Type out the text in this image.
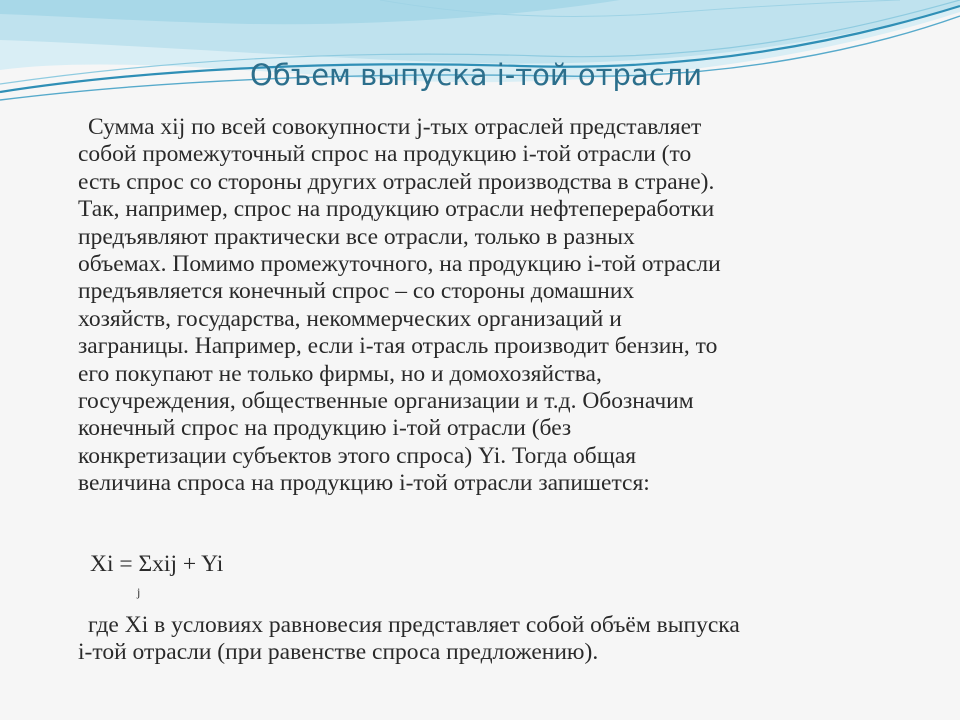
Объем выпуска i-той отрасли
Сумма xij по всей совокупности j-тых отраслей представляет
собой промежуточный спрос на продукцию i-той отрасли (то
есть спрос со стороны других отраслей производства в стране).
Так, например, спрос на продукцию отрасли нефтепереработки
предъявляют практически все отрасли, только в разных
объемах. Помимо промежуточного, на продукцию i-той отрасли
предъявляется конечный спрос – со стороны домашних
хозяйств, государства, некоммерческих организаций и
заграницы. Например, если i-тая отрасль производит бензин, то
его покупают не только фирмы, но и домохозяйства,
госучреждения, общественные организации и т.д. Обозначим
конечный спрос на продукцию i-той отрасли (без
конкретизации субъектов этого спроса) Yi. Тогда общая
величина спроса на продукцию i-той отрасли запишется:
Xi = Σxij + Yi
j
где Xi в условиях равновесия представляет собой объём выпуска
i-той отрасли (при равенстве спроса предложению).
